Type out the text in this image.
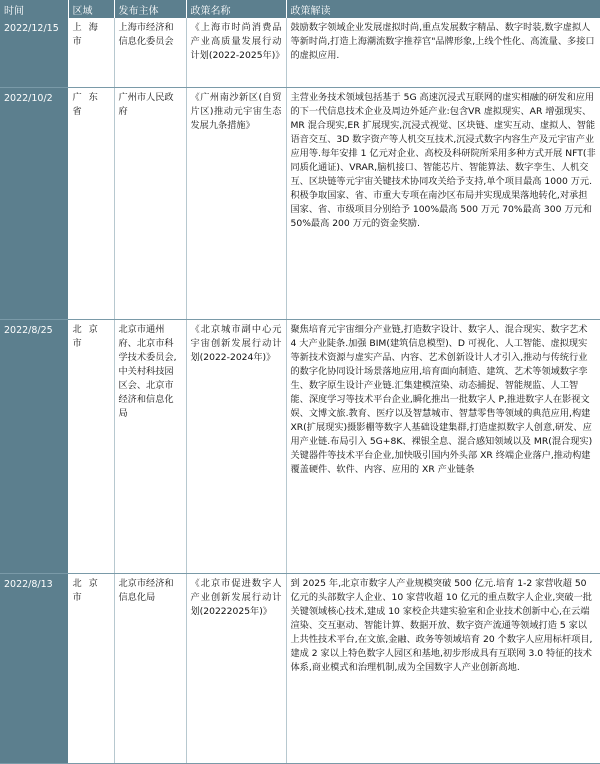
时间	区域	发布主体	政策名称	政策解读
2022/12/15	上 海 市	上海市经济和信息化委员会	《上海市时尚消费品产业高质量发展行动计划(2022-2025年)》	鼓励数字领域企业发展虚拟时尚,重点发展数字精品、数字时装,数字虚拟人等新时尚,打造上海潮流数字推荐官"品牌形象,上线个性化、高流量、多接口的虚拟应用.
2022/10/2	广 东 省	广州市人民政府	《广州南沙新区(自贸片区)推动元宇宙生态发展九条措施》	主营业务技术领域包括基于 5G 高速沉浸式互联网的虚实相融的研发和应用的下一代信息技术企业及周边外延产业:包含VR 虚拟现实、AR 增强现实、MR 混合现实,ER 扩展现实,沉浸式视觉、区块链、虚实互动、虚拟人、智能语音交互、3D 数字资产等人机交互技术,沉浸式数字内容生产及元宇宙产业应用等.每年安排 1 亿元对企业、高校及科研院所采用多种方式开展 NFT(非同质化通证)、VRAR,脑机接口、智能芯片、智能算法、数字孪生、人机交互、区块链等元宇宙关键技术协同攻关给予支持,单个项目最高 1000 万元.积极争取国家、省、市重大专项在南沙区布局并实现成果落地转化,对承担国家、省、市级项目分别给予 100%最高 500 万元 70%最高 300 万元和 50%最高 200 万元的资金奖励.
2022/8/25	北 京 市	北京市通州府、北京市科学技术委员会,中关村科技园区会、北京市经济和信息化局	《北京城市副中心元宇宙创新发展行动计划(2022-2024年)》	聚焦培育元宇宙细分产业链,打造数字设计、数字人、混合现实、数字艺术 4 大产业陡条.加强 BIM(建筑信息模型)、D 可视化、人工智能、虚拟现实等新技术资源与虚实产品、内容、艺术创新设计人才引入,推动与传统行业的数字化协同设计场景落地应用,培育面向制造、建筑、艺术等领域数字孪生、数字原生设计产业链.汇集建模渲染、动态捕捉、智能规监、人工智能、深度学习等技术平台企业,瞬化推出一批数字人 P,推进数字人在影视文娱、文博文旅.教育、医疗以及智慧城市、智慧零售等领域的典范应用,构建 XR(扩展现实)摄影棚等数字人基础设建集群,打造虚拟数字人创意,研发、应用产业链.布局引入 5G+8K、裸银全息、混合感知领域以及 MR(混合现实)关键器件等技术平台企业,加快吸引国内外头部 XR 终端企业落户,推动构建覆盖硬件、软件、内容、应用的 XR 产业链条
2022/8/13	北 京 市	北京市经济和信息化局	《北京市促进数字人产业创新发展行动计划(20222025年)》	到 2025 年,北京市数字人产业规模突破 500 亿元.培育 1-2 家营收超 50 亿元的头部数字人企业、10 家营收超 10 亿元的重点数字人企业,突破一批关键领域核心技术,建成 10 家校企共建实验室和企业技术创新中心,在云端渲染、交互驱动、智能计算、数据开放、数字资产流通等领域打造 5 家以上共性技术平台,在文旅,金融、政务等领域培育 20 个数字人应用标杆项目,建成 2 家以上特色数字人园区和基地,初步形成具有互联网 3.0 特征的技术体系,商业模式和治理机制,成为全国数字人产业创新高地.
